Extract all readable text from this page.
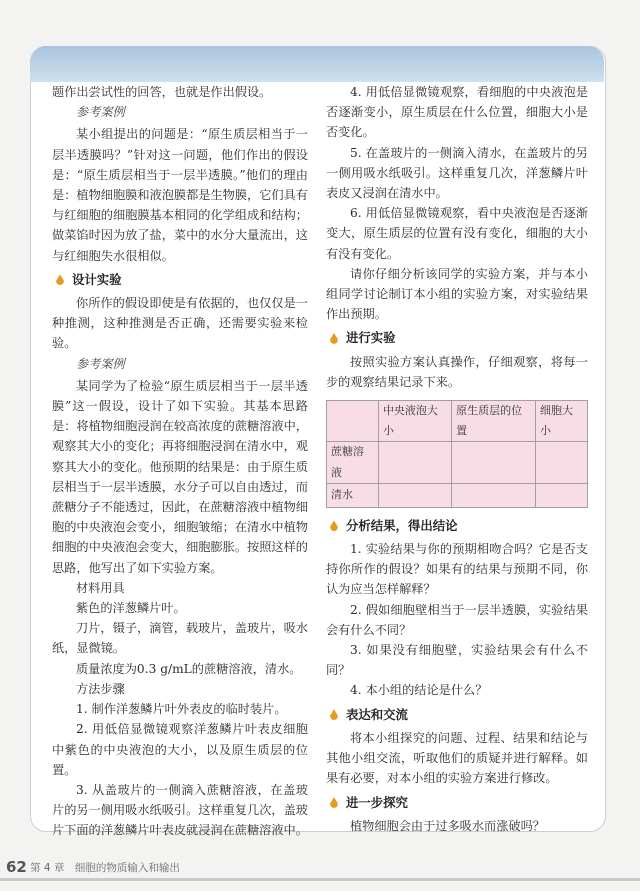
题作出尝试性的回答，也就是作出假设。

参考案例

某小组提出的问题是：“原生质层相当于一层半透膜吗？”针对这一问题，他们作出的假设是：“原生质层相当于一层半透膜。”他们的理由是：植物细胞膜和液泡膜都是生物膜，它们具有与红细胞的细胞膜基本相同的化学组成和结构；做菜馅时因为放了盐，菜中的水分大量流出，这与红细胞失水很相似。

设计实验

你所作的假设即使是有依据的，也仅仅是一种推测，这种推测是否正确，还需要实验来检验。

参考案例

某同学为了检验“原生质层相当于一层半透膜”这一假设，设计了如下实验。其基本思路是：将植物细胞浸润在较高浓度的蔗糖溶液中，观察其大小的变化；再将细胞浸润在清水中，观察其大小的变化。他预期的结果是：由于原生质层相当于一层半透膜，水分子可以自由透过，而蔗糖分子不能透过，因此，在蔗糖溶液中植物细胞的中央液泡会变小，细胞皱缩；在清水中植物细胞的中央液泡会变大，细胞膨胀。按照这样的思路，他写出了如下实验方案。

材料用具

紫色的洋葱鳞片叶。

刀片，镊子，滴管，载玻片，盖玻片，吸水纸，显微镜。

质量浓度为0.3 g/mL的蔗糖溶液，清水。

方法步骤

1. 制作洋葱鳞片叶外表皮的临时装片。

2. 用低倍显微镜观察洋葱鳞片叶表皮细胞中紫色的中央液泡的大小，以及原生质层的位置。

3. 从盖玻片的一侧滴入蔗糖溶液，在盖玻片的另一侧用吸水纸吸引。这样重复几次，盖玻片下面的洋葱鳞片叶表皮就浸润在蔗糖溶液中。

4. 用低倍显微镜观察，看细胞的中央液泡是否逐渐变小，原生质层在什么位置，细胞大小是否变化。

5. 在盖玻片的一侧滴入清水，在盖玻片的另一侧用吸水纸吸引。这样重复几次，洋葱鳞片叶表皮又浸润在清水中。

6. 用低倍显微镜观察，看中央液泡是否逐渐变大，原生质层的位置有没有变化，细胞的大小有没有变化。

请你仔细分析该同学的实验方案，并与本小组同学讨论制订本小组的实验方案，对实验结果作出预期。

进行实验

按照实验方案认真操作，仔细观察，将每一步的观察结果记录下来。

	中央液泡大小	原生质层的位置	细胞大小
蔗糖溶液			
清水			
分析结果，得出结论

1. 实验结果与你的预期相吻合吗？它是否支持你所作的假设？如果有的结果与预期不同，你认为应当怎样解释？

2. 假如细胞壁相当于一层半透膜，实验结果会有什么不同？

3. 如果没有细胞壁，实验结果会有什么不同？

4. 本小组的结论是什么？

表达和交流

将本小组探究的问题、过程、结果和结论与其他小组交流，听取他们的质疑并进行解释。如果有必要，对本小组的实验方案进行修改。

进一步探究

植物细胞会由于过多吸水而涨破吗？

62 第 4 章　细胞的物质输入和输出
